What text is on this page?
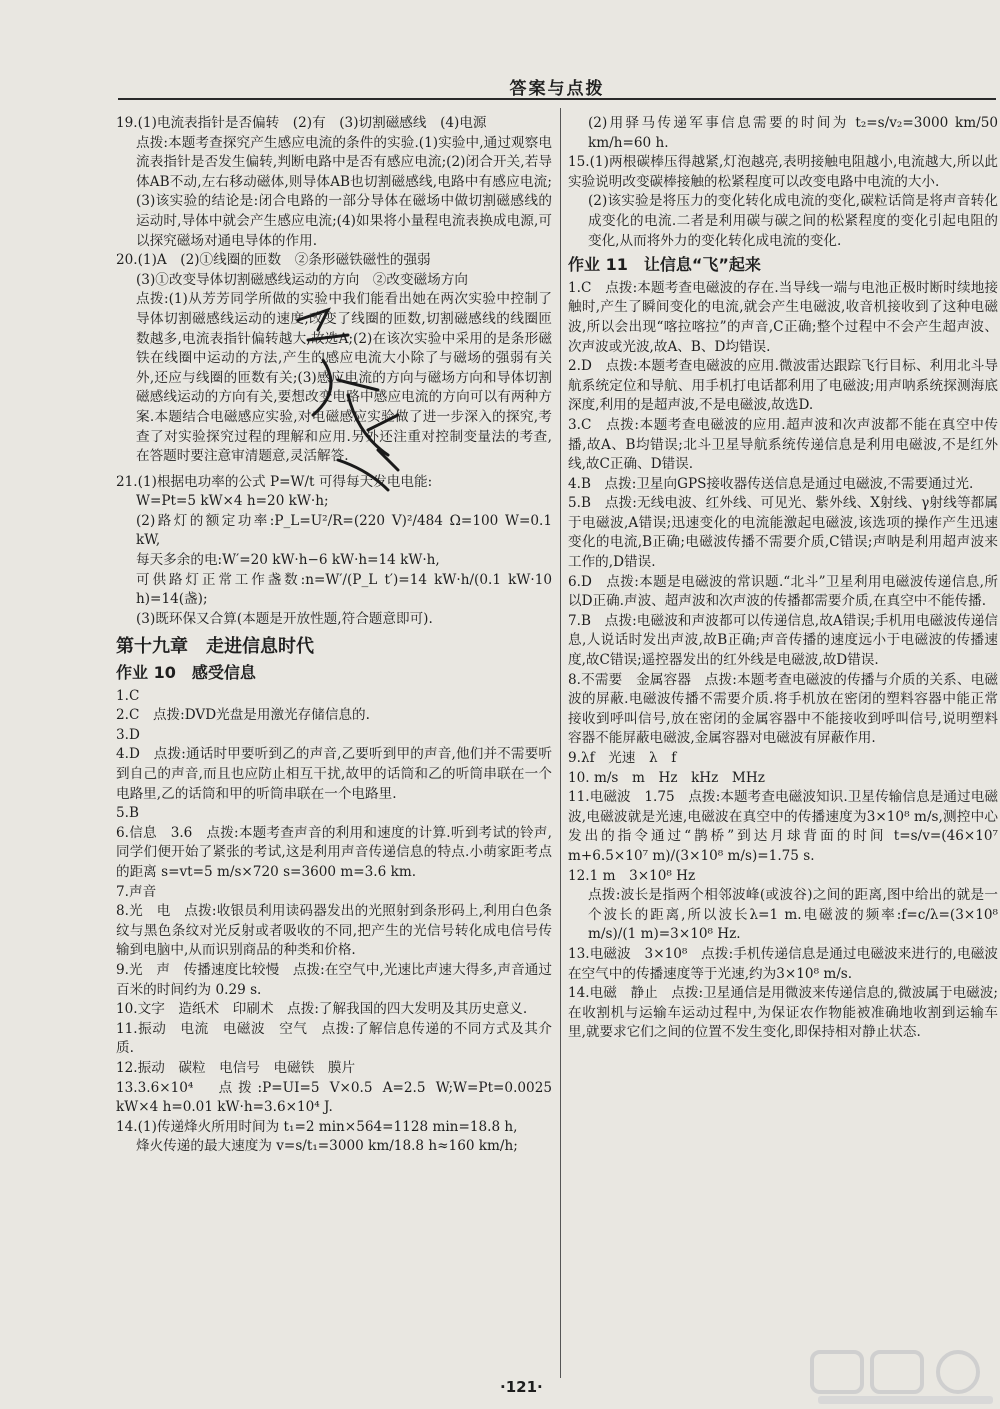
答案与点拨

19.(1)电流表指针是否偏转　(2)有　(3)切割磁感线　(4)电源

点拨:本题考查探究产生感应电流的条件的实验.(1)实验中,通过观察电流表指针是否发生偏转,判断电路中是否有感应电流;(2)闭合开关,若导体AB不动,左右移动磁体,则导体AB也切割磁感线,电路中有感应电流;(3)该实验的结论是:闭合电路的一部分导体在磁场中做切割磁感线的运动时,导体中就会产生感应电流;(4)如果将小量程电流表换成电源,可以探究磁场对通电导体的作用.

20.(1)A　(2)①线圈的匝数　②条形磁铁磁性的强弱

(3)①改变导体切割磁感线运动的方向　②改变磁场方向

点拨:(1)从芳芳同学所做的实验中我们能看出她在两次实验中控制了导体切割磁感线运动的速度,改变了线圈的匝数,切割磁感线的线圈匝数越多,电流表指针偏转越大,故选A;(2)在该次实验中采用的是条形磁铁在线圈中运动的方法,产生的感应电流大小除了与磁场的强弱有关外,还应与线圈的匝数有关;(3)感应电流的方向与磁场方向和导体切割磁感线运动的方向有关,要想改变电路中感应电流的方向可以有两种方案.本题结合电磁感应实验,对电磁感应实验做了进一步深入的探究,考查了对实验探究过程的理解和应用.另外还注重对控制变量法的考查,在答题时要注意审清题意,灵活解答.

21.(1)根据电功率的公式 P=W/t 可得每天发电电能:

W=Pt=5 kW×4 h=20 kW·h;

(2)路灯的额定功率:P_L=U²/R=(220 V)²/484 Ω=100 W=0.1 kW,

每天多余的电:W′=20 kW·h−6 kW·h=14 kW·h,

可供路灯正常工作盏数:n=W′/(P_L t′)=14 kW·h/(0.1 kW·10 h)=14(盏);

(3)既环保又合算(本题是开放性题,符合题意即可).

第十九章　走进信息时代
作业 10　感受信息

1.C

2.C　点拨:DVD光盘是用激光存储信息的.

3.D

4.D　点拨:通话时甲要听到乙的声音,乙要听到甲的声音,他们并不需要听到自己的声音,而且也应防止相互干扰,故甲的话筒和乙的听筒串联在一个电路里,乙的话筒和甲的听筒串联在一个电路里.

5.B

6.信息　3.6　点拨:本题考查声音的利用和速度的计算.听到考试的铃声,同学们便开始了紧张的考试,这是利用声音传递信息的特点.小萌家距考点的距离 s=vt=5 m/s×720 s=3600 m=3.6 km.

7.声音

8.光　电　点拨:收银员利用读码器发出的光照射到条形码上,利用白色条纹与黑色条纹对光反射或者吸收的不同,把产生的光信号转化成电信号传输到电脑中,从而识别商品的种类和价格.

9.光　声　传播速度比较慢　点拨:在空气中,光速比声速大得多,声音通过百米的时间约为 0.29 s.

10.文字　造纸术　印刷术　点拨:了解我国的四大发明及其历史意义.

11.振动　电流　电磁波　空气　点拨:了解信息传递的不同方式及其介质.

12.振动　碳粒　电信号　电磁铁　膜片

13.3.6×10⁴　点拨:P=UI=5 V×0.5 A=2.5 W;W=Pt=0.0025 kW×4 h=0.01 kW·h=3.6×10⁴ J.

14.(1)传递烽火所用时间为 t₁=2 min×564=1128 min=18.8 h,

烽火传递的最大速度为 v=s/t₁=3000 km/18.8 h≈160 km/h;

(2)用驿马传递军事信息需要的时间为 t₂=s/v₂=3000 km/50 km/h=60 h.

15.(1)两根碳棒压得越紧,灯泡越亮,表明接触电阻越小,电流越大,所以此实验说明改变碳棒接触的松紧程度可以改变电路中电流的大小.

(2)该实验是将压力的变化转化成电流的变化,碳粒话筒是将声音转化成变化的电流.二者是利用碳与碳之间的松紧程度的变化引起电阻的变化,从而将外力的变化转化成电流的变化.

作业 11　让信息“飞”起来

1.C　点拨:本题考查电磁波的存在.当导线一端与电池正极时断时续地接触时,产生了瞬间变化的电流,就会产生电磁波,收音机接收到了这种电磁波,所以会出现“喀拉喀拉”的声音,C正确;整个过程中不会产生超声波、次声波或光波,故A、B、D均错误.

2.D　点拨:本题考查电磁波的应用.微波雷达跟踪飞行目标、利用北斗导航系统定位和导航、用手机打电话都利用了电磁波;用声呐系统探测海底深度,利用的是超声波,不是电磁波,故选D.

3.C　点拨:本题考查电磁波的应用.超声波和次声波都不能在真空中传播,故A、B均错误;北斗卫星导航系统传递信息是利用电磁波,不是红外线,故C正确、D错误.

4.B　点拨:卫星向GPS接收器传送信息是通过电磁波,不需要通过光.

5.B　点拨:无线电波、红外线、可见光、紫外线、X射线、γ射线等都属于电磁波,A错误;迅速变化的电流能激起电磁波,该选项的操作产生迅速变化的电流,B正确;电磁波传播不需要介质,C错误;声呐是利用超声波来工作的,D错误.

6.D　点拨:本题是电磁波的常识题.“北斗”卫星利用电磁波传递信息,所以D正确.声波、超声波和次声波的传播都需要介质,在真空中不能传播.

7.B　点拨:电磁波和声波都可以传递信息,故A错误;手机用电磁波传递信息,人说话时发出声波,故B正确;声音传播的速度远小于电磁波的传播速度,故C错误;遥控器发出的红外线是电磁波,故D错误.

8.不需要　金属容器　点拨:本题考查电磁波的传播与介质的关系、电磁波的屏蔽.电磁波传播不需要介质.将手机放在密闭的塑料容器中能正常接收到呼叫信号,放在密闭的金属容器中不能接收到呼叫信号,说明塑料容器不能屏蔽电磁波,金属容器对电磁波有屏蔽作用.

9.λf　光速　λ　f

10. m/s　m　Hz　kHz　MHz

11.电磁波　1.75　点拨:本题考查电磁波知识.卫星传输信息是通过电磁波,电磁波就是光速,电磁波在真空中的传播速度为3×10⁸ m/s,测控中心发出的指令通过“鹊桥”到达月球背面的时间 t=s/v=(46×10⁷ m+6.5×10⁷ m)/(3×10⁸ m/s)=1.75 s.

12.1 m　3×10⁸ Hz

点拨:波长是指两个相邻波峰(或波谷)之间的距离,图中给出的就是一个波长的距离,所以波长λ=1 m.电磁波的频率:f=c/λ=(3×10⁸ m/s)/(1 m)=3×10⁸ Hz.

13.电磁波　3×10⁸　点拨:手机传递信息是通过电磁波来进行的,电磁波在空气中的传播速度等于光速,约为3×10⁸ m/s.

14.电磁　静止　点拨:卫星通信是用微波来传递信息的,微波属于电磁波;在收割机与运输车运动过程中,为保证农作物能被准确地收割到运输车里,就要求它们之间的位置不发生变化,即保持相对静止状态.

·121·
